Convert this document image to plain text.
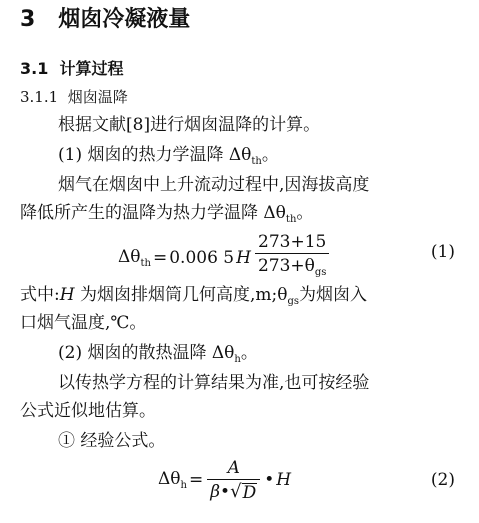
3 烟囱冷凝液量
3.1 计算过程
3.1.1 烟囱温降
根据文献[8]进行烟囱温降的计算。
(1) 烟囱的热力学温降 $\Delta\theta_{th}$。
烟气在烟囱中上升流动过程中,因海拔高度
降低所产生的温降为热力学温降 $\Delta\theta_{th}$。
$\Delta\theta_{th} = 0.006$ 5 H $\frac{273+15}{273+\theta_{gs}}$	(1)
式中:H 为烟囱排烟筒几何高度$,m;\theta_{gs}$为烟囱入
口烟气温度,℃。
(2) 烟囱的散热温降 $\Delta\theta_h$。
以传热学方程的计算结果为准,也可按经验
公式近似地估算。
① 经验公式。
$\Delta\theta_h = \frac{A}{\beta• √ D}$ • H	(2)
